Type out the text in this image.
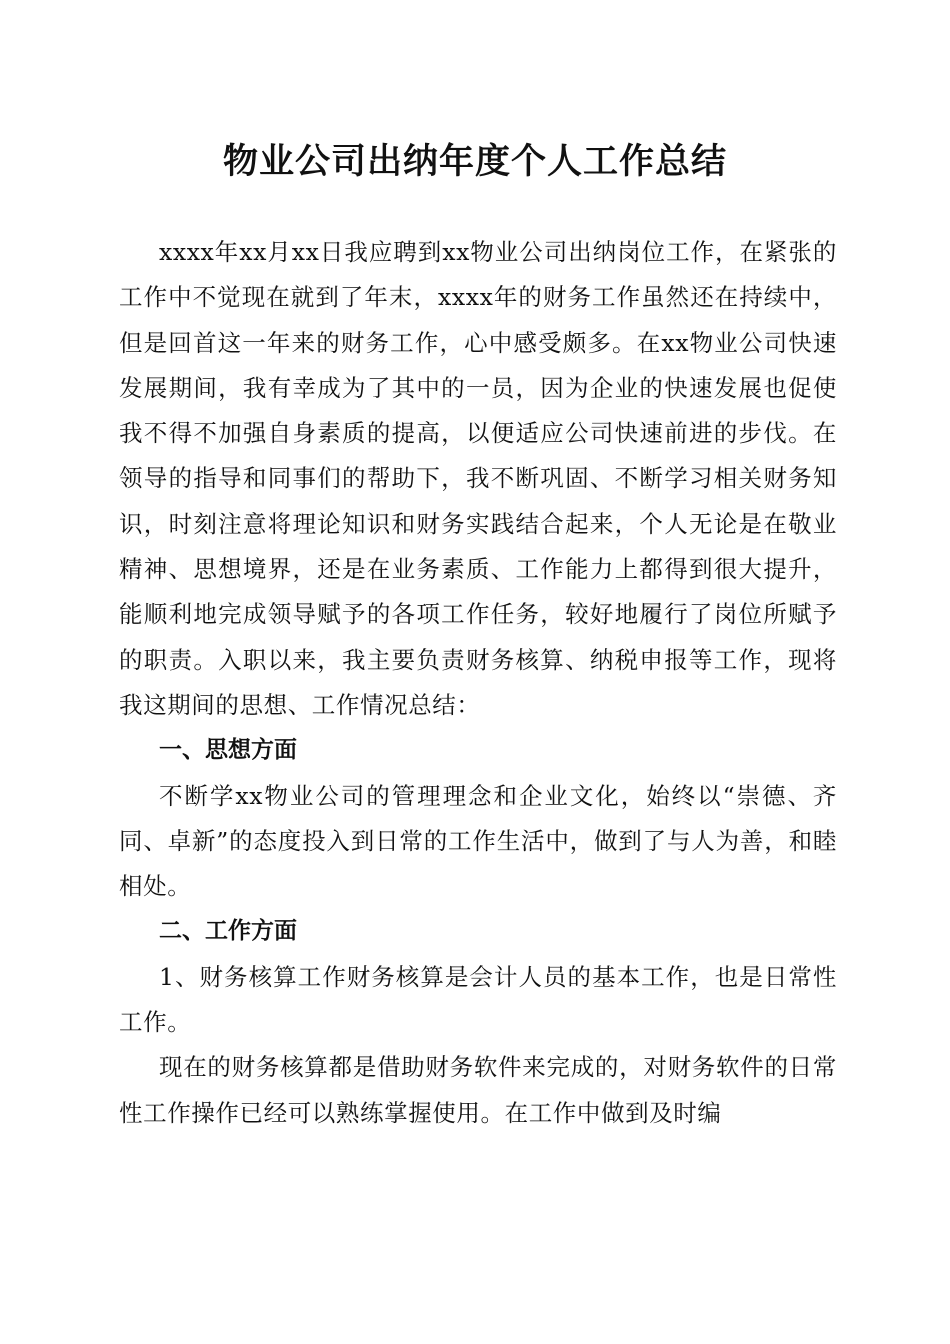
物业公司出纳年度个人工作总结

xxxx年xx月xx日我应聘到xx物业公司出纳岗位工作，在紧张的工作中不觉现在就到了年末，xxxx年的财务工作虽然还在持续中，但是回首这一年来的财务工作，心中感受颇多。在xx物业公司快速发展期间，我有幸成为了其中的一员，因为企业的快速发展也促使我不得不加强自身素质的提高，以便适应公司快速前进的步伐。在领导的指导和同事们的帮助下，我不断巩固、不断学习相关财务知识，时刻注意将理论知识和财务实践结合起来，个人无论是在敬业精神、思想境界，还是在业务素质、工作能力上都得到很大提升，能顺利地完成领导赋予的各项工作任务，较好地履行了岗位所赋予的职责。入职以来，我主要负责财务核算、纳税申报等工作，现将我这期间的思想、工作情况总结：

一、思想方面

不断学xx物业公司的管理理念和企业文化，始终以“崇德、齐同、卓新”的态度投入到日常的工作生活中，做到了与人为善，和睦相处。

二、工作方面

1、财务核算工作财务核算是会计人员的基本工作，也是日常性工作。

现在的财务核算都是借助财务软件来完成的，对财务软件的日常性工作操作已经可以熟练掌握使用。在工作中做到及时编
